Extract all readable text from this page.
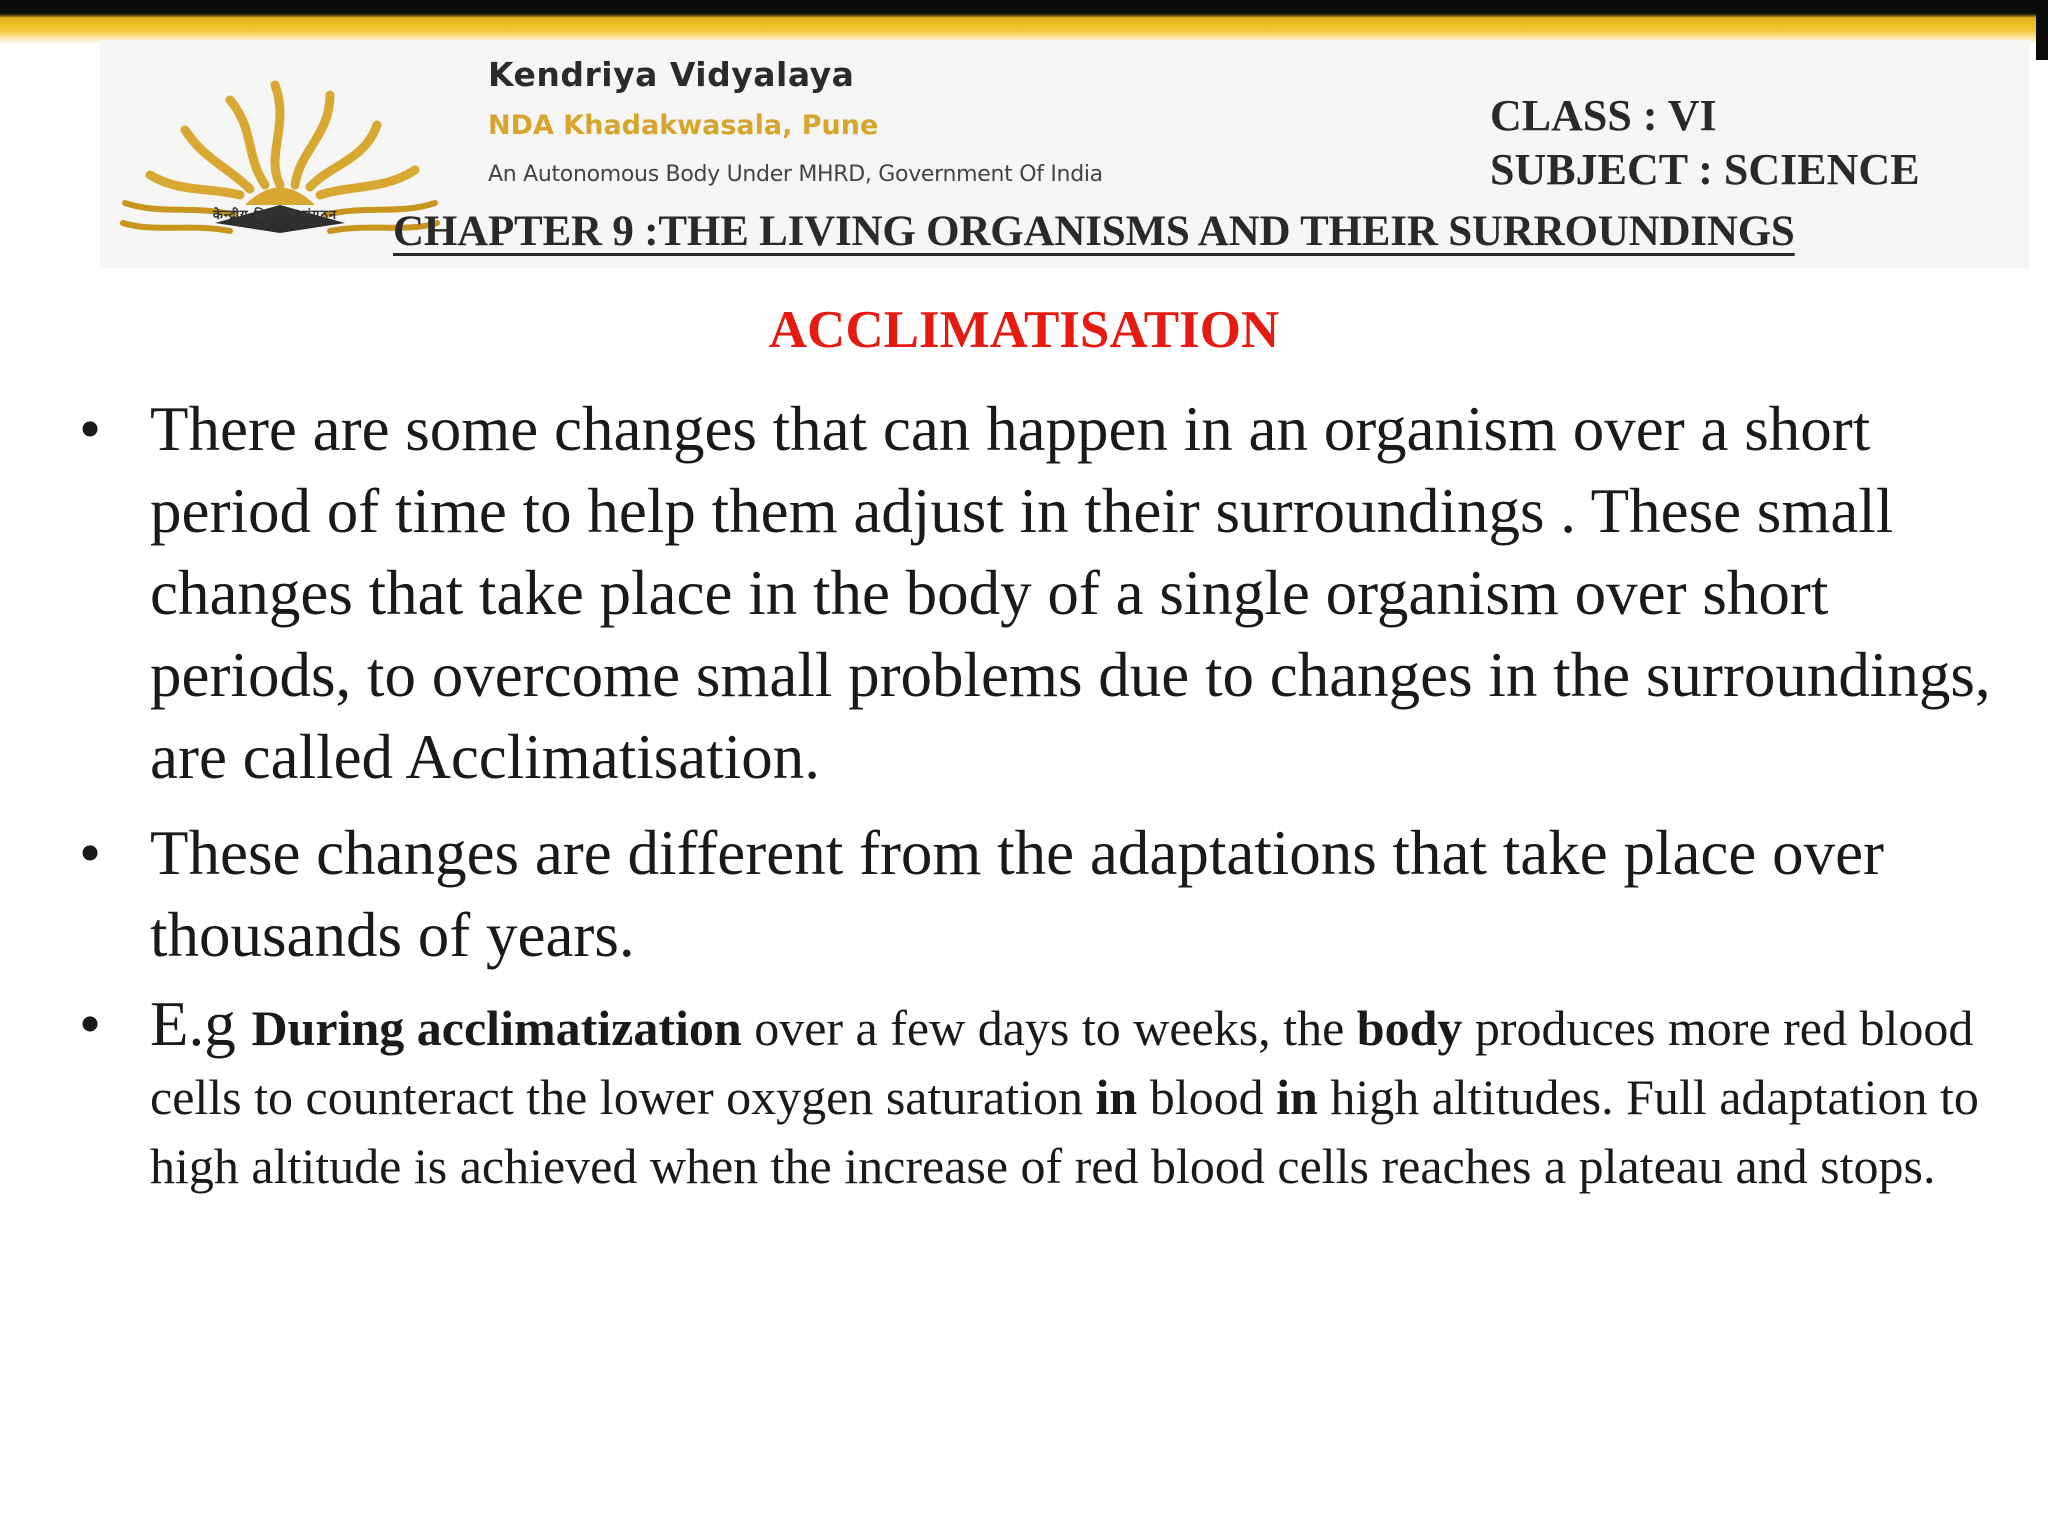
केन्द्रीय विद्यालय संगठन
Kendriya Vidyalaya
NDA Khadakwasala, Pune
An Autonomous Body Under MHRD, Government Of India
CLASS : VI
SUBJECT : SCIENCE
CHAPTER 9 :THE LIVING ORGANISMS AND THEIR SURROUNDINGS
ACCLIMATISATION
• There are some changes that can happen in an organism over a short period of time to help them adjust in their surroundings . These small changes that take place in the body of a single organism over short periods, to overcome small problems due to changes in the surroundings, are called Acclimatisation.
• These changes are different from the adaptations that take place over thousands of years.
• E.g During acclimatization over a few days to weeks, the body produces more red blood cells to counteract the lower oxygen saturation in blood in high altitudes. Full adaptation to high altitude is achieved when the increase of red blood cells reaches a plateau and stops.
